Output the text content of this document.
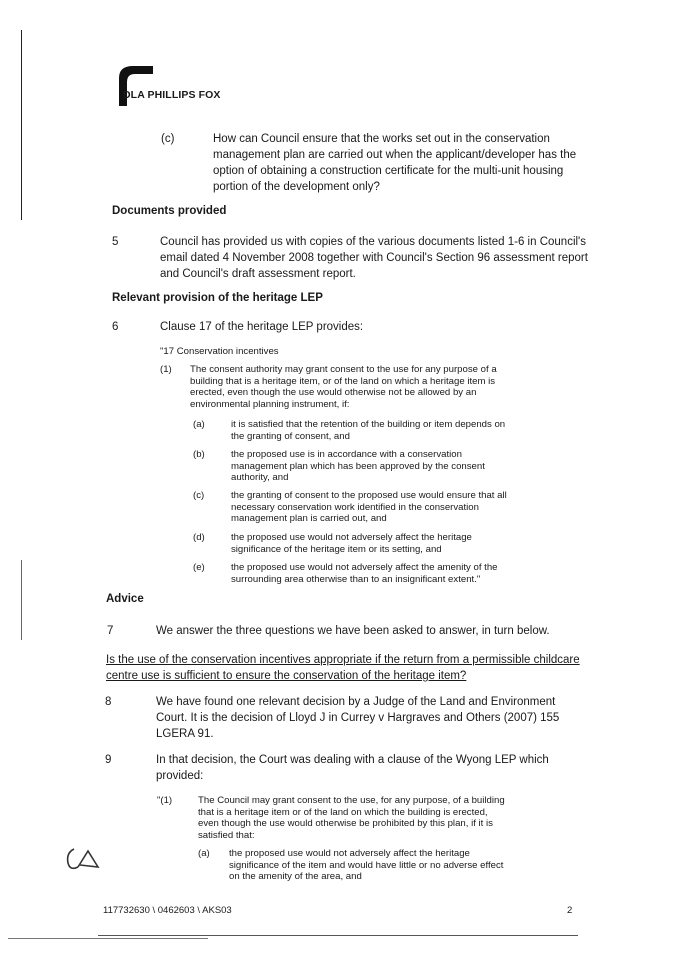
DLA PHILLIPS FOX
(c)	How can Council ensure that the works set out in the conservation
management plan are carried out when the applicant/developer has the
option of obtaining a construction certificate for the multi-unit housing
portion of the development only?
Documents provided
5	Council has provided us with copies of the various documents listed 1-6 in Council's
email dated 4 November 2008 together with Council's Section 96 assessment report
and Council's draft assessment report.
Relevant provision of the heritage LEP
6	Clause 17 of the heritage LEP provides:
"17 Conservation incentives
(1) The consent authority may grant consent to the use for any purpose of a
building that is a heritage item, or of the land on which a heritage item is
erected, even though the use would otherwise not be allowed by an
environmental planning instrument, if:
(a)	it is satisfied that the retention of the building or item depends on
the granting of consent, and
(b)	the proposed use is in accordance with a conservation
management plan which has been approved by the consent
authority, and
(c)	the granting of consent to the proposed use would ensure that all
necessary conservation work identified in the conservation
management plan is carried out, and
(d)	the proposed use would not adversely affect the heritage
significance of the heritage item or its setting, and
(e)	the proposed use would not adversely affect the amenity of the
surrounding area otherwise than to an insignificant extent."
Advice
7	We answer the three questions we have been asked to answer, in turn below.
Is the use of the conservation incentives appropriate if the return from a permissible childcare
centre use is sufficient to ensure the conservation of the heritage item?
8	We have found one relevant decision by a Judge of the Land and Environment
Court. It is the decision of Lloyd J in Currey v Hargraves and Others (2007) 155
LGERA 91.
9	In that decision, the Court was dealing with a clause of the Wyong LEP which
provided:
"(1)	The Council may grant consent to the use, for any purpose, of a building
that is a heritage item or of the land on which the building is erected,
even though the use would otherwise be prohibited by this plan, if it is
satisfied that:
(a) the proposed use would not adversely affect the heritage
significance of the item and would have little or no adverse effect
on the amenity of the area, and
117732630 \ 0462603 \ AKS03	2
